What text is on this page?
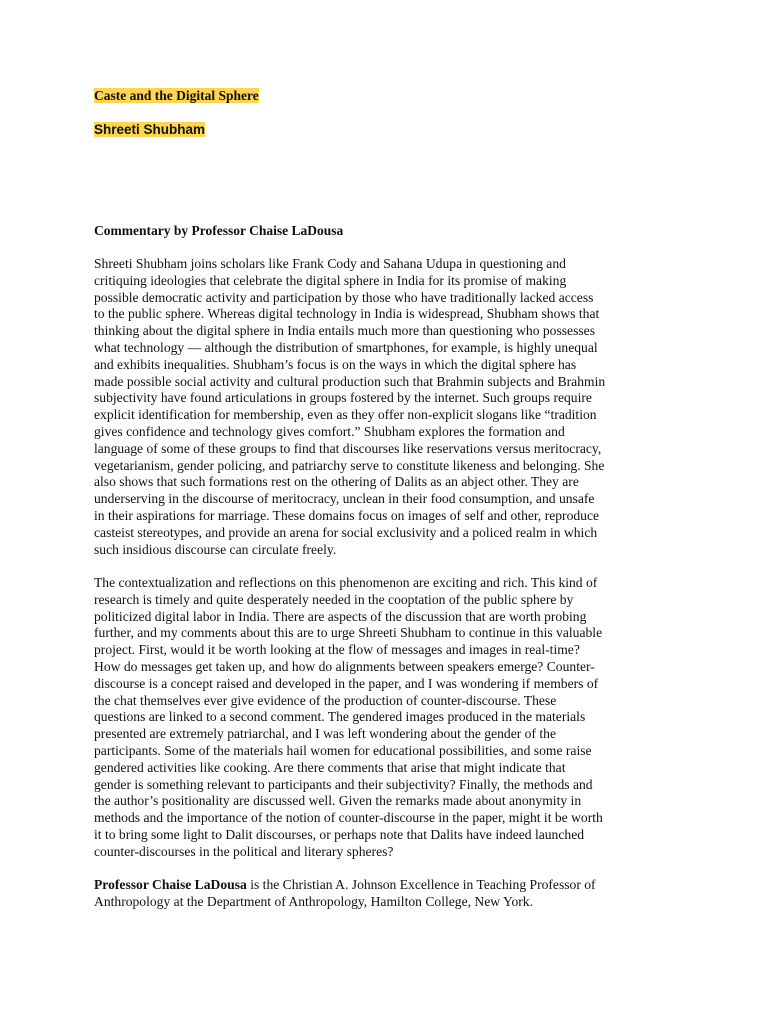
Caste and the Digital Sphere

Shreeti Shubham

Commentary by Professor Chaise LaDousa

Shreeti Shubham joins scholars like Frank Cody and Sahana Udupa in questioning and
critiquing ideologies that celebrate the digital sphere in India for its promise of making
possible democratic activity and participation by those who have traditionally lacked access
to the public sphere. Whereas digital technology in India is widespread, Shubham shows that
thinking about the digital sphere in India entails much more than questioning who possesses
what technology — although the distribution of smartphones, for example, is highly unequal
and exhibits inequalities. Shubham’s focus is on the ways in which the digital sphere has
made possible social activity and cultural production such that Brahmin subjects and Brahmin
subjectivity have found articulations in groups fostered by the internet. Such groups require
explicit identification for membership, even as they offer non-explicit slogans like “tradition
gives confidence and technology gives comfort.” Shubham explores the formation and
language of some of these groups to find that discourses like reservations versus meritocracy,
vegetarianism, gender policing, and patriarchy serve to constitute likeness and belonging. She
also shows that such formations rest on the othering of Dalits as an abject other. They are
underserving in the discourse of meritocracy, unclean in their food consumption, and unsafe
in their aspirations for marriage. These domains focus on images of self and other, reproduce
casteist stereotypes, and provide an arena for social exclusivity and a policed realm in which
such insidious discourse can circulate freely.
The contextualization and reflections on this phenomenon are exciting and rich. This kind of
research is timely and quite desperately needed in the cooptation of the public sphere by
politicized digital labor in India. There are aspects of the discussion that are worth probing
further, and my comments about this are to urge Shreeti Shubham to continue in this valuable
project. First, would it be worth looking at the flow of messages and images in real-time?
How do messages get taken up, and how do alignments between speakers emerge? Counter-
discourse is a concept raised and developed in the paper, and I was wondering if members of
the chat themselves ever give evidence of the production of counter-discourse. These
questions are linked to a second comment. The gendered images produced in the materials
presented are extremely patriarchal, and I was left wondering about the gender of the
participants. Some of the materials hail women for educational possibilities, and some raise
gendered activities like cooking. Are there comments that arise that might indicate that
gender is something relevant to participants and their subjectivity? Finally, the methods and
the author’s positionality are discussed well. Given the remarks made about anonymity in
methods and the importance of the notion of counter-discourse in the paper, might it be worth
it to bring some light to Dalit discourses, or perhaps note that Dalits have indeed launched
counter-discourses in the political and literary spheres?
Professor Chaise LaDousa is the Christian A. Johnson Excellence in Teaching Professor of
Anthropology at the Department of Anthropology, Hamilton College, New York.
